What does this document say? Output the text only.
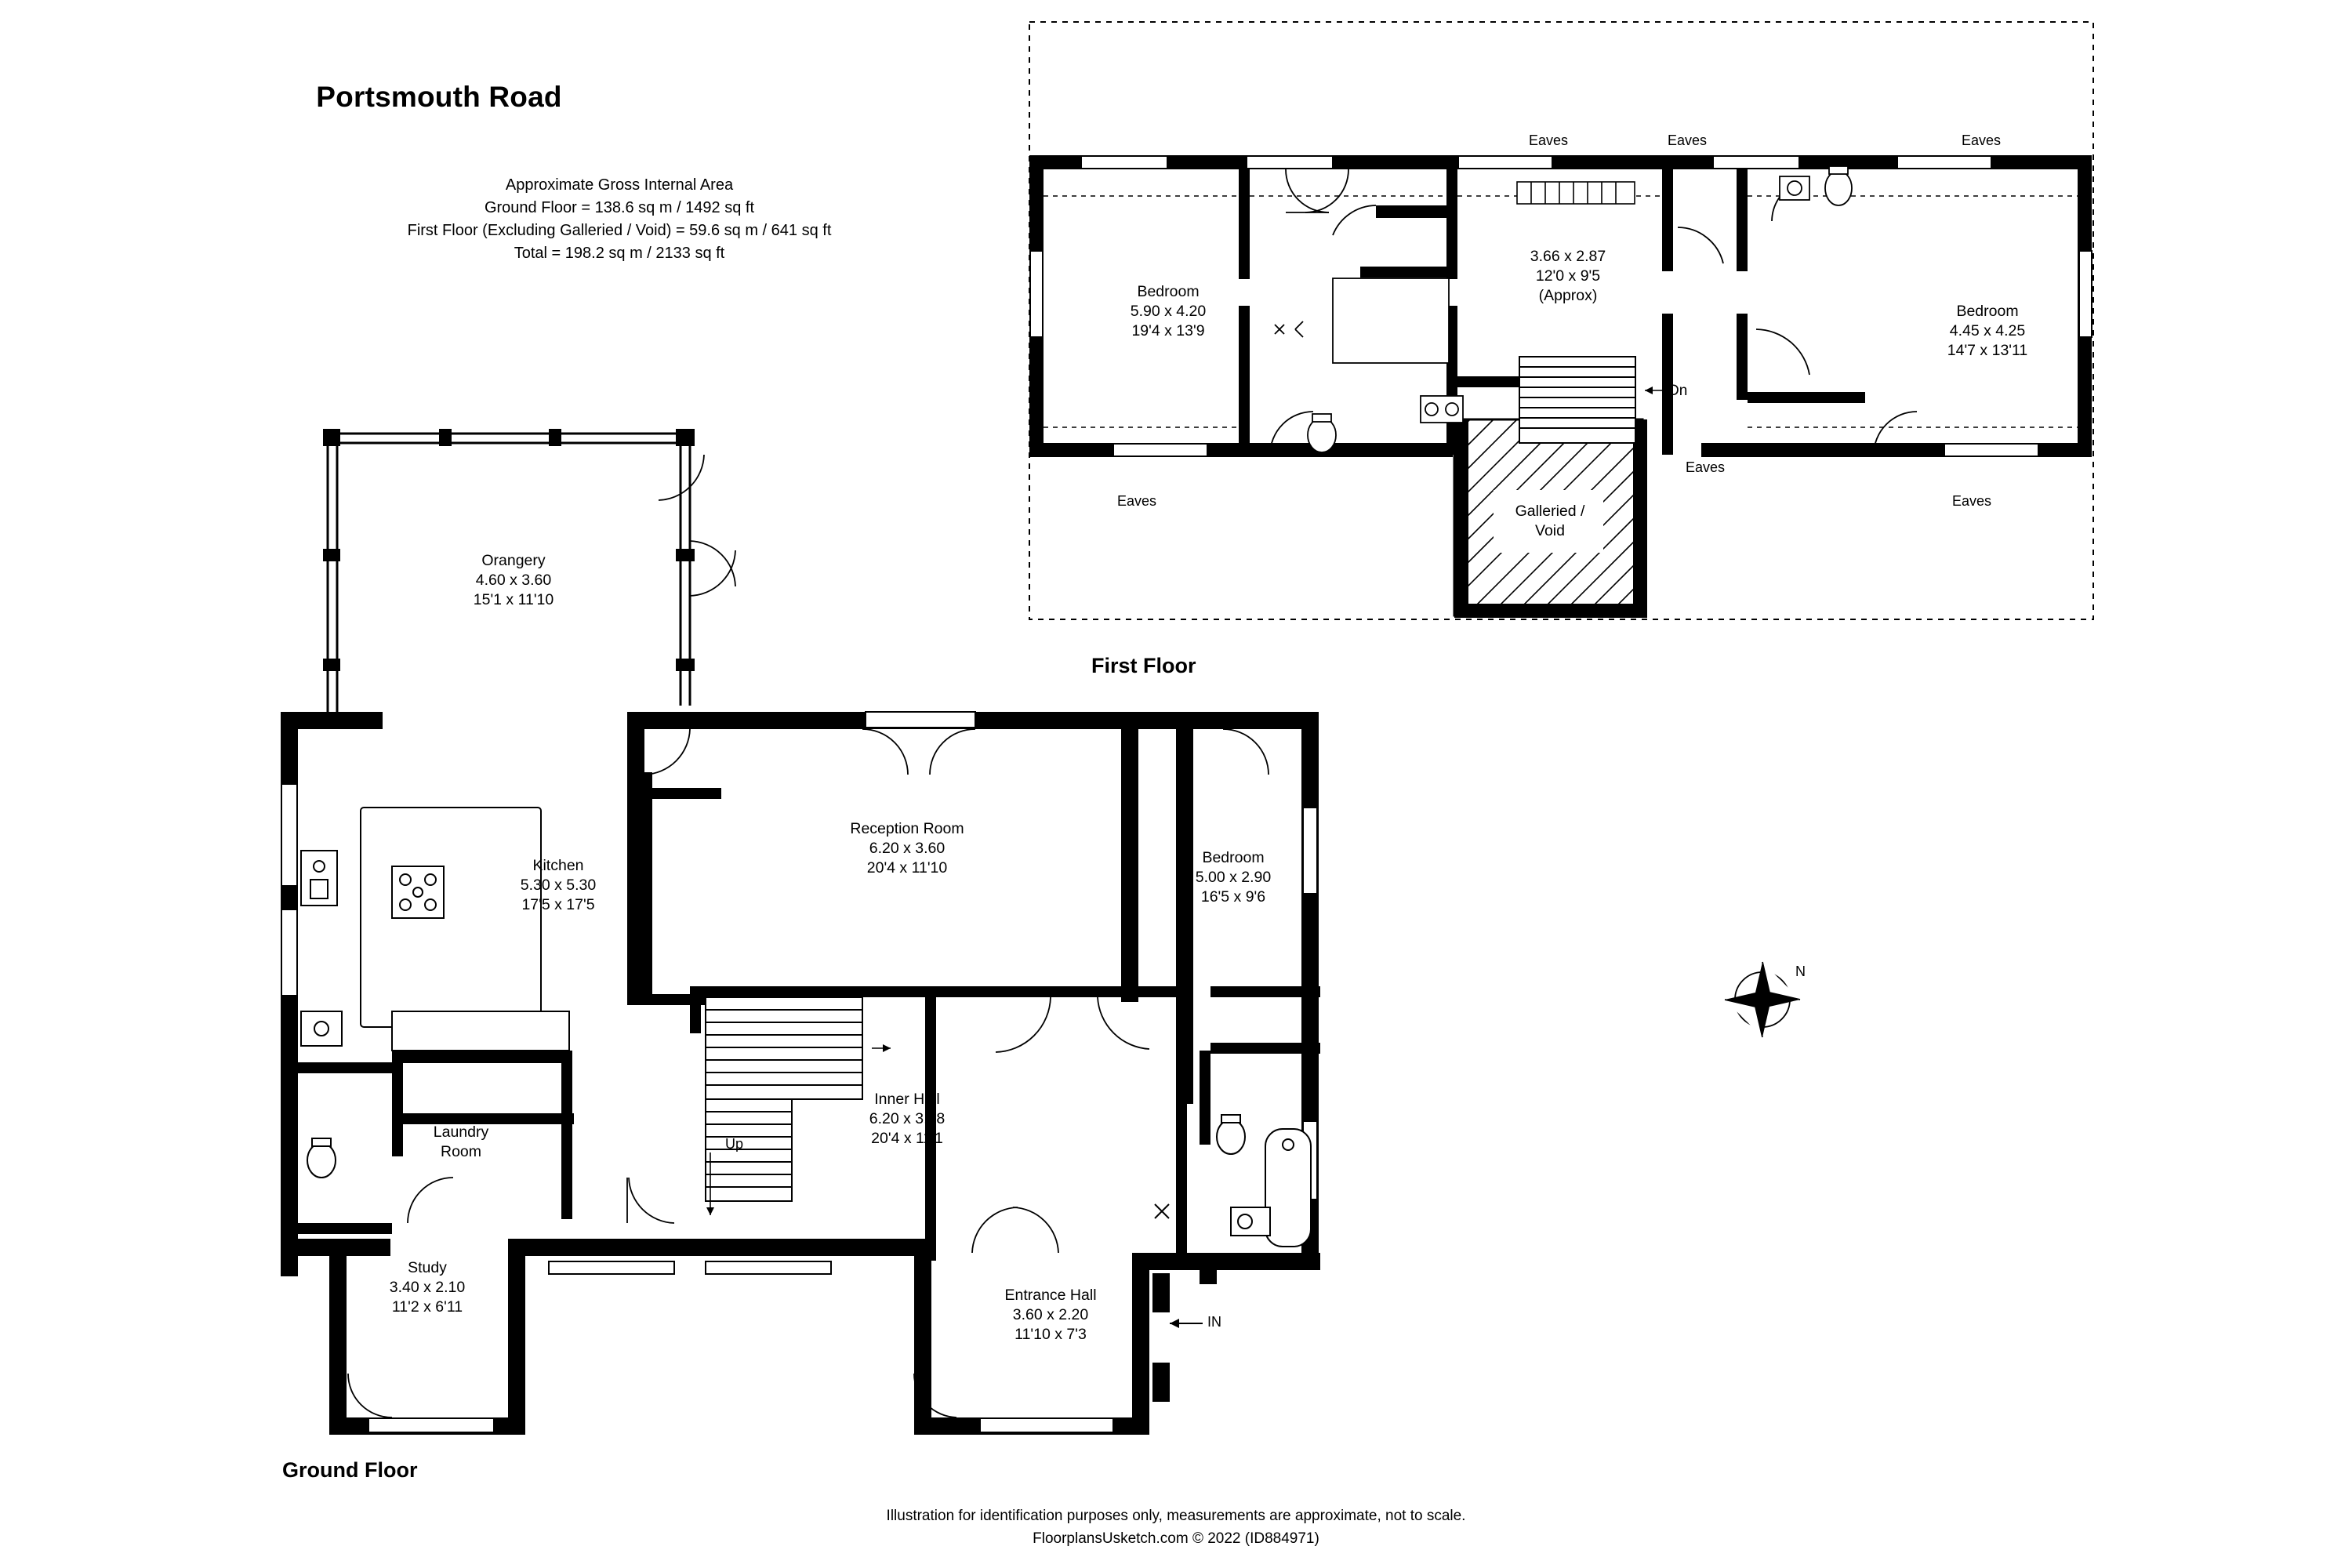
Portsmouth Road
Approximate Gross Internal Area
Ground Floor = 138.6 sq m / 1492 sq ft
First Floor (Excluding Galleried / Void) = 59.6 sq m / 641 sq ft
Total = 198.2 sq m / 2133 sq ft
Bedroom
5.90 x 4.20
19'4 x 13'9
3.66 x 2.87
12'0 x 9'5
(Approx)
Bedroom
4.45 x 4.25
14'7 x 13'11
Galleried /
Void
Eaves	Eaves	Eaves
Eaves
Eaves
Eaves
Dn
First Floor
Orangery
4.60 x 3.60
15'1 x 11'10
Kitchen
5.30 x 5.30
17'5 x 17'5
Laundry
Room
Study
3.40 x 2.10
11'2 x 6'11
Reception Room
6.20 x 3.60
20'4 x 11'10
Inner Hall
6.20 x 3.38
20'4 x 11'1
Bedroom
5.00 x 2.90
16'5 x 9'6
Entrance Hall
3.60 x 2.20
11'10 x 7'3
Up
IN
Ground Floor
N
Illustration for identification purposes only, measurements are approximate, not to scale.
FloorplansUsketch.com © 2022 (ID884971)
